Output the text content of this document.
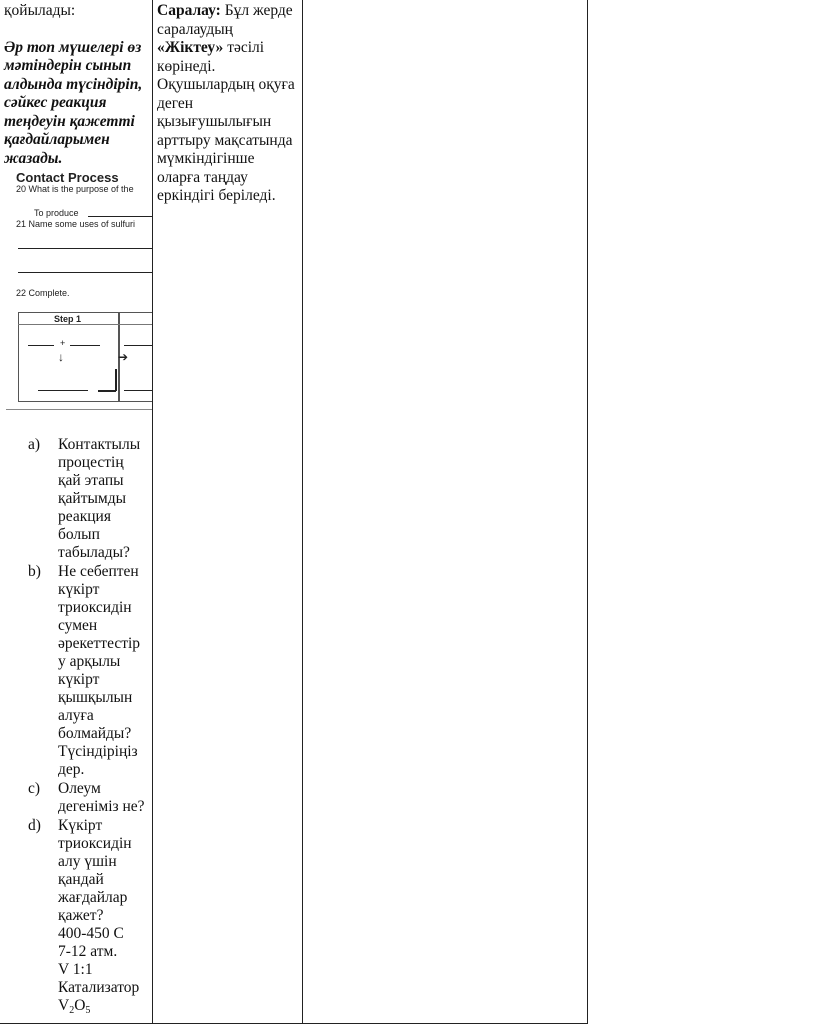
қойылады:

Әр топ мүшелері өз мәтіндерін сынып алдында түсіндіріп, сәйкес реакция теңдеуін қажетті қағдайларымен жазады.

Contact Process
20 What is the purpose of the
To produce
21 Name some uses of sulfuri
22 Complete.
Step 1
+
↓	➔
a) Контактылы процестің қай этапы қайтымды реакция болып табылады?
b) Не себептен күкірт триоксидін сумен әрекеттестір у арқылы күкірт қышқылын алуға болмайды? Түсіндіріңіз дер.
c) Олеум дегеніміз не?
d) Күкірт триоксидін алу үшін қандай жағдайлар қажет?
400-450 С
7-12 атм.
V 1:1
Катализатор
$V_2O_5$

Саралау: Бұл жерде саралаудың «Жіктеу» тәсілі көрінеді. Оқушылардың оқуға деген қызығушылығын арттыру мақсатында мүмкіндігінше оларға таңдау еркіндігі беріледі.
